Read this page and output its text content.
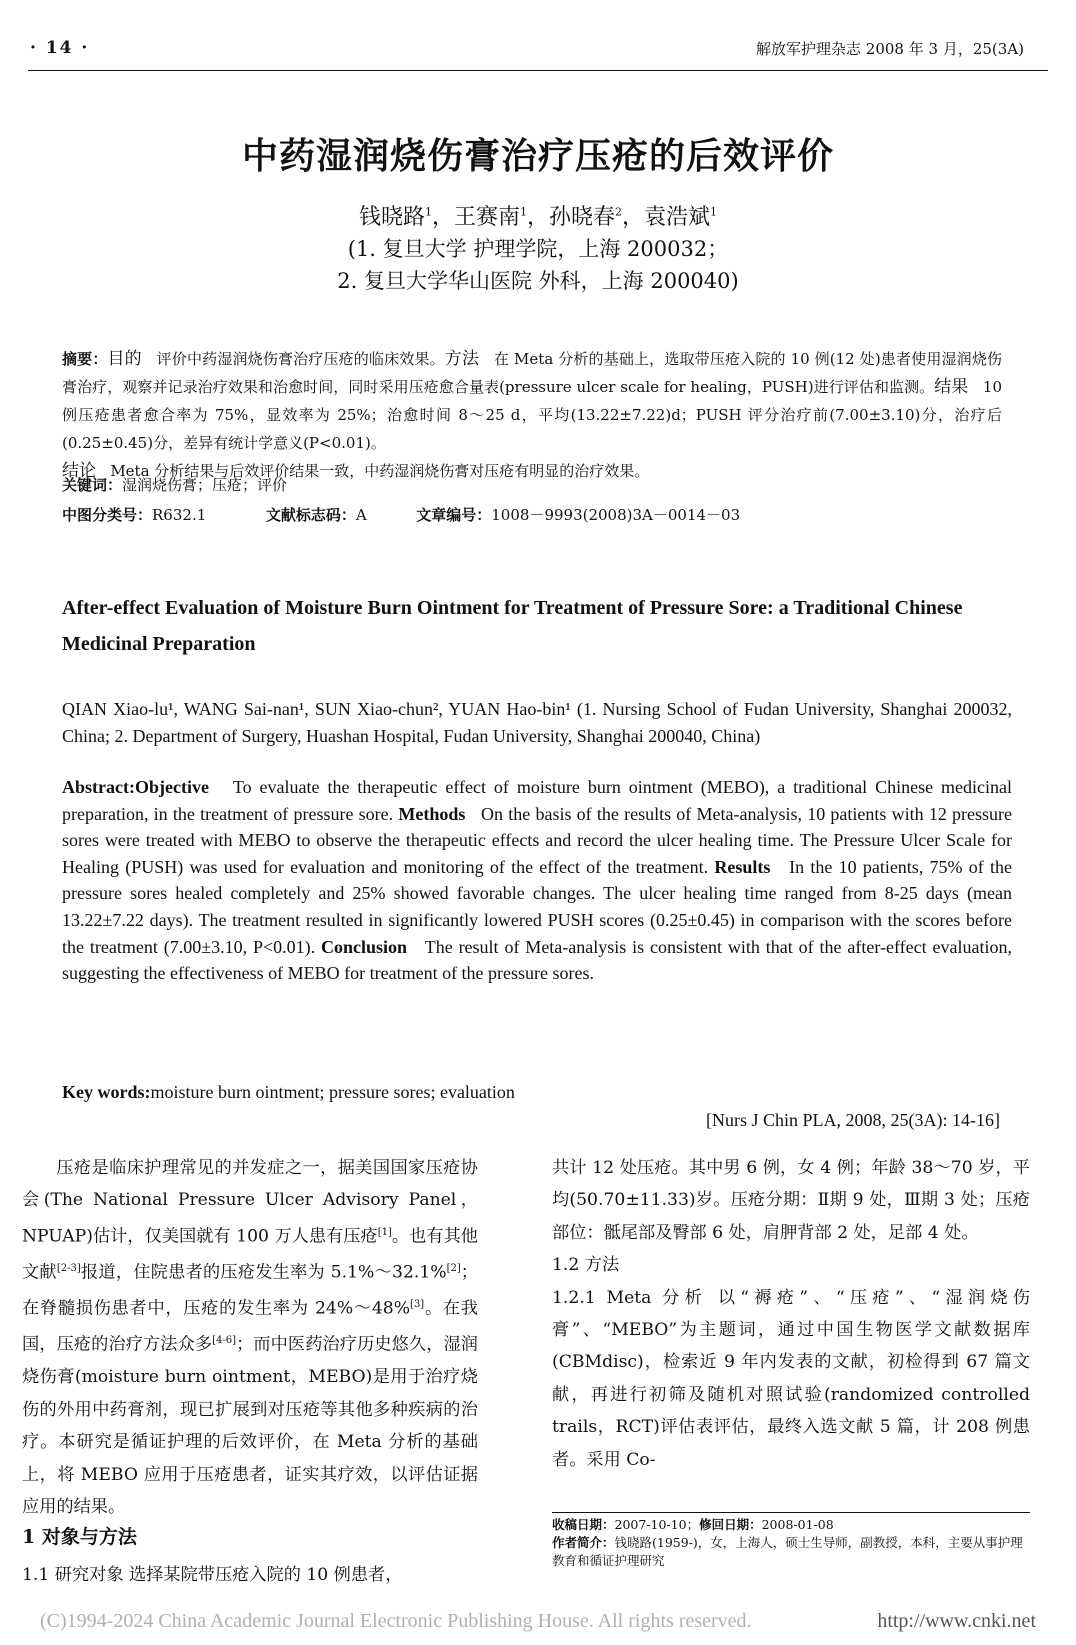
· 14 ·	解放军护理杂志 2008 年 3 月，25(3A)
中药湿润烧伤膏治疗压疮的后效评价
钱晓路$^1$，王赛南$^1$，孙晓春$^2$，袁浩斌$^1$
(1. 复旦大学 护理学院，上海 200032；
2. 复旦大学华山医院 外科，上海 200040)
摘要：目的 评价中药湿润烧伤膏治疗压疮的临床效果。方法 在 Meta 分析的基础上，选取带压疮入院的 10 例(12 处)患者使用湿润烧伤膏治疗，观察并记录治疗效果和治愈时间，同时采用压疮愈合量表(pressure ulcer scale for healing，PUSH)进行评估和监测。结果 10 例压疮患者愈合率为 75%，显效率为 25%；治愈时间 8～25 d，平均(13.22±7.22)d；PUSH 评分治疗前(7.00±3.10)分，治疗后(0.25±0.45)分，差异有统计学意义(P<0.01)。
结论 Meta 分析结果与后效评价结果一致，中药湿润烧伤膏对压疮有明显的治疗效果。
关键词：湿润烧伤膏；压疮；评价
中图分类号：R632.1	文献标志码：A	文章编号：1008－9993(2008)3A－0014－03
After-effect Evaluation of Moisture Burn Ointment for Treatment of Pressure Sore: a Traditional Chinese Medicinal Preparation
QIAN Xiao-lu¹, WANG Sai-nan¹, SUN Xiao-chun², YUAN Hao-bin¹ (1. Nursing School of Fudan University, Shanghai 200032, China; 2. Department of Surgery, Huashan Hospital, Fudan University, Shanghai 200040, China)
Abstract:Objective To evaluate the therapeutic effect of moisture burn ointment (MEBO), a traditional Chinese medicinal preparation, in the treatment of pressure sore. Methods On the basis of the results of Meta-analysis, 10 patients with 12 pressure sores were treated with MEBO to observe the therapeutic effects and record the ulcer healing time. The Pressure Ulcer Scale for Healing (PUSH) was used for evaluation and monitoring of the effect of the treatment. Results In the 10 patients, 75% of the pressure sores healed completely and 25% showed favorable changes. The ulcer healing time ranged from 8-25 days (mean 13.22±7.22 days). The treatment resulted in significantly lowered PUSH scores (0.25±0.45) in comparison with the scores before the treatment (7.00±3.10, P<0.01). Conclusion The result of Meta-analysis is consistent with that of the after-effect evaluation, suggesting the effectiveness of MEBO for treatment of the pressure sores.
Key words:moisture burn ointment; pressure sores; evaluation
[Nurs J Chin PLA, 2008, 25(3A): 14-16]

压疮是临床护理常见的并发症之一，据美国国家压疮协会(The National Pressure Ulcer Advisory Panel，NPUAP)估计，仅美国就有 100 万人患有压疮[1]。也有其他文献[2-3]报道，住院患者的压疮发生率为 5.1%～32.1%[2]；在脊髓损伤患者中，压疮的发生率为 24%～48%[3]。在我国，压疮的治疗方法众多[4-6]；而中医药治疗历史悠久，湿润烧伤膏(moisture burn ointment，MEBO)是用于治疗烧伤的外用中药膏剂，现已扩展到对压疮等其他多种疾病的治疗。本研究是循证护理的后效评价，在 Meta 分析的基础上，将 MEBO 应用于压疮患者，证实其疗效，以评估证据应用的结果。

1 对象与方法
1.1 研究对象 选择某院带压疮入院的 10 例患者，

共计 12 处压疮。其中男 6 例，女 4 例；年龄 38～70 岁，平均(50.70±11.33)岁。压疮分期：Ⅱ期 9 处，Ⅲ期 3 处；压疮部位：骶尾部及臀部 6 处，肩胛背部 2 处，足部 4 处。

1.2 方法

1.2.1 Meta 分析 以“褥疮”、“压疮”、“湿润烧伤膏”、“MEBO”为主题词，通过中国生物医学文献数据库(CBMdisc)，检索近 9 年内发表的文献，初检得到 67 篇文献，再进行初筛及随机对照试验(randomized controlled trails，RCT)评估表评估，最终入选文献 5 篇，计 208 例患者。采用 Co-

收稿日期：2007-10-10；修回日期：2008-01-08
作者简介：钱晓路(1959-)，女，上海人，硕士生导师，副教授，本科，主要从事护理教育和循证护理研究
(C)1994-2024 China Academic Journal Electronic Publishing House. All rights reserved.	http://www.cnki.net
